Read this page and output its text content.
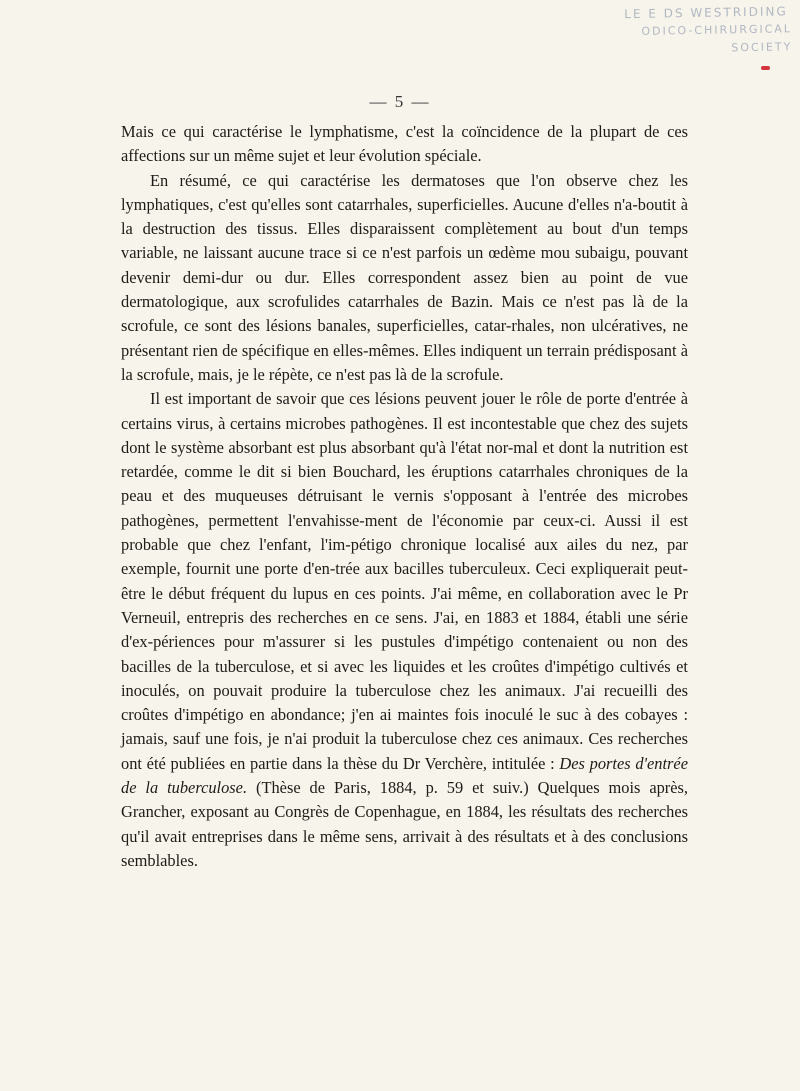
LE E DS WESTRIDING
ODICO-CHIRURGICAL SOCIETY
— 5 —

Mais ce qui caractérise le lymphatisme, c'est la coïncidence de la plupart de ces affections sur un même sujet et leur évolution spéciale.

En résumé, ce qui caractérise les dermatoses que l'on observe chez les lymphatiques, c'est qu'elles sont catarrhales, superficielles. Aucune d'elles n'a-boutit à la destruction des tissus. Elles disparaissent complètement au bout d'un temps variable, ne laissant aucune trace si ce n'est parfois un œdème mou subaigu, pouvant devenir demi-dur ou dur. Elles correspondent assez bien au point de vue dermatologique, aux scrofulides catarrhales de Bazin. Mais ce n'est pas là de la scrofule, ce sont des lésions banales, superficielles, catar-rhales, non ulcératives, ne présentant rien de spécifique en elles-mêmes. Elles indiquent un terrain prédisposant à la scrofule, mais, je le répète, ce n'est pas là de la scrofule.

Il est important de savoir que ces lésions peuvent jouer le rôle de porte d'entrée à certains virus, à certains microbes pathogènes. Il est incontestable que chez des sujets dont le système absorbant est plus absorbant qu'à l'état nor-mal et dont la nutrition est retardée, comme le dit si bien Bouchard, les éruptions catarrhales chroniques de la peau et des muqueuses détruisant le vernis s'opposant à l'entrée des microbes pathogènes, permettent l'envahisse-ment de l'économie par ceux-ci. Aussi il est probable que chez l'enfant, l'im-pétigo chronique localisé aux ailes du nez, par exemple, fournit une porte d'en-trée aux bacilles tuberculeux. Ceci expliquerait peut-être le début fréquent du lupus en ces points. J'ai même, en collaboration avec le Pr Verneuil, entrepris des recherches en ce sens. J'ai, en 1883 et 1884, établi une série d'ex-périences pour m'assurer si les pustules d'impétigo contenaient ou non des bacilles de la tuberculose, et si avec les liquides et les croûtes d'impétigo cultivés et inoculés, on pouvait produire la tuberculose chez les animaux. J'ai recueilli des croûtes d'impétigo en abondance; j'en ai maintes fois inoculé le suc à des cobayes : jamais, sauf une fois, je n'ai produit la tuberculose chez ces animaux. Ces recherches ont été publiées en partie dans la thèse du Dr Verchère, intitulée : Des portes d'entrée de la tuberculose. (Thèse de Paris, 1884, p. 59 et suiv.) Quelques mois après, Grancher, exposant au Congrès de Copenhague, en 1884, les résultats des recherches qu'il avait entreprises dans le même sens, arrivait à des résultats et à des conclusions semblables.
